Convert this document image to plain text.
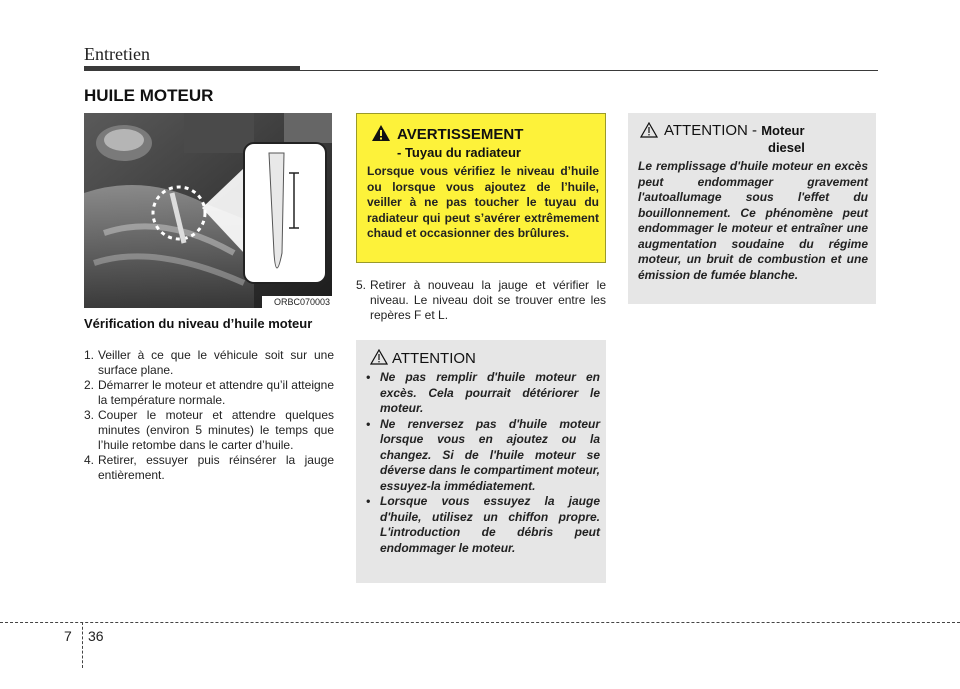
Entretien
HUILE MOTEUR
ORBC070003
Vérification du niveau d’huile moteur
1. Veiller à ce que le véhicule soit sur une surface plane.
2. Démarrer le moteur et attendre qu’il atteigne la température normale.
3. Couper le moteur et attendre quelques minutes (environ 5 minutes) le temps que l’huile retombe dans le carter d’huile.
4. Retirer, essuyer puis réinsérer la jauge entièrement.
AVERTISSEMENT
- Tuyau du radiateur
Lorsque vous vérifiez le niveau d’huile ou lorsque vous ajoutez de l’huile, veiller à ne pas toucher le tuyau du radiateur qui peut s’avérer extrêmement chaud et occasionner des brûlures.
5. Retirer à nouveau la jauge et vérifier le niveau. Le niveau doit se trouver entre les repères F et L.
ATTENTION
• Ne pas remplir d'huile moteur en excès. Cela pourrait détériorer le moteur.
• Ne renversez pas d'huile moteur lorsque vous en ajoutez ou la changez. Si de l'huile moteur se déverse dans le compartiment moteur, essuyez-la immédiatement.
• Lorsque vous essuyez la jauge d'huile, utilisez un chiffon propre. L'introduction de débris peut endommager le moteur.
ATTENTION - Moteur
diesel
Le remplissage d'huile moteur en excès peut endommager gravement l'autoallumage sous l'effet du bouillonnement. Ce phénomène peut endommager le moteur et entraîner une augmentation soudaine du régime moteur, un bruit de combustion et une émission de fumée blanche.
7 36
